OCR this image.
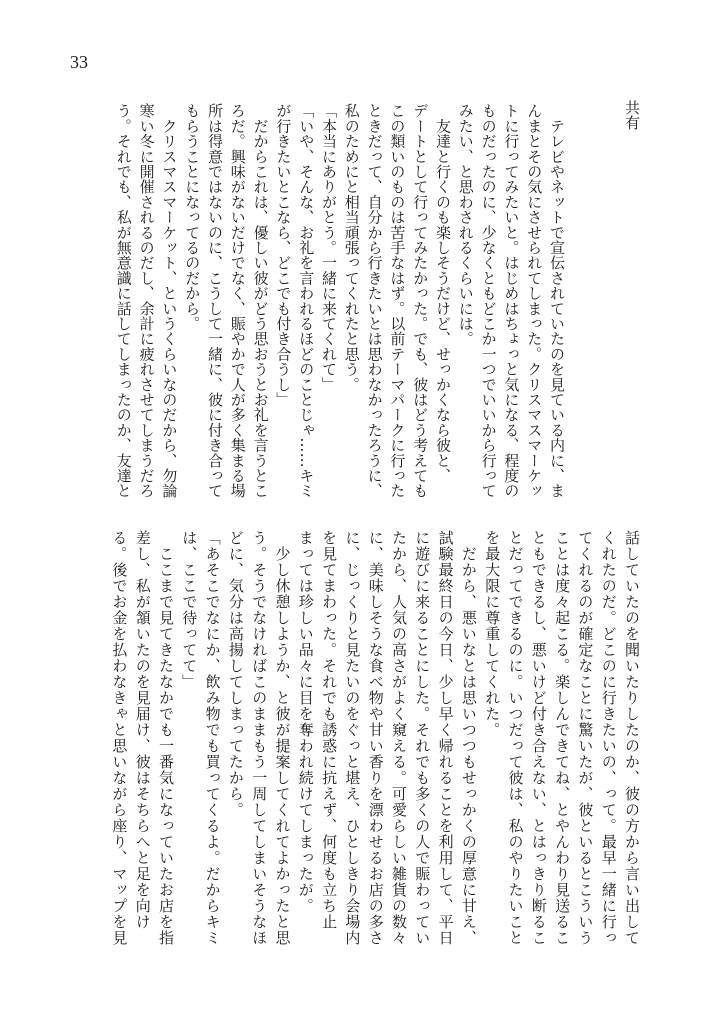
33
共有
　テレビやネットで宣伝されていたのを見ている内に、ま
んまとその気にさせられてしまった。クリスマスマーケッ
トに行ってみたいと。はじめはちょっと気になる、程度の
ものだったのに、少なくともどこか一つでいいから行って
みたい、と思わされるくらいには。
　友達と行くのも楽しそうだけど、せっかくなら彼と、
デートとして行ってみたかった。でも、彼はどう考えても
この類いのものは苦手なはず。以前テーマパークに行った
ときだって、自分から行きたいとは思わなかったろうに、
私のためにと相当頑張ってくれたと思う。
「本当にありがとう。一緒に来てくれて」
「いや、そんな、お礼を言われるほどのことじゃ……キミ
が行きたいとこなら、どこでも付き合うし」
　だからこれは、優しい彼がどう思おうとお礼を言うとこ
ろだ。興味がないだけでなく、賑やかで人が多く集まる場
所は得意ではないのに、こうして一緒に、彼に付き合って
もらうことになってるのだから。
　クリスマスマーケット、というくらいなのだから、勿論
寒い冬に開催されるのだし、余計に疲れさせてしまうだろ
う。それでも、私が無意識に話してしまったのか、友達と
話していたのを聞いたりしたのか、彼の方から言い出して
くれたのだ。どこのに行きたいの、って。最早一緒に行っ
てくれるのが確定なことに驚いたが、彼といるとこういう
ことは度々起こる。楽しんできてね、とやんわり見送るこ
ともできるし、悪いけど付き合えない、とはっきり断るこ
とだってできるのに。いつだって彼は、私のやりたいこと
を最大限に尊重してくれた。
　だから、悪いなとは思いつつもせっかくの厚意に甘え、
試験最終日の今日、少し早く帰れることを利用して、平日
に遊びに来ることにした。それでも多くの人で賑わってい
たから、人気の高さがよく窺える。可愛らしい雑貨の数々
に、美味しそうな食べ物や甘い香りを漂わせるお店の多さ
に、じっくりと見たいのをぐっと堪え、ひとしきり会場内
を見てまわった。それでも誘惑に抗えず、何度も立ち止
まっては珍しい品々に目を奪われ続けてしまったが。
　少し休憩しようか、と彼が提案してくれてよかったと思
う。そうでなければこのままもう一周してしまいそうなほ
どに、気分は高揚してしまってたから。
「あそこでなにか、飲み物でも買ってくるよ。だからキミ
は、ここで待ってて」
　ここまで見てきたなかでも一番気になっていたお店を指
差し、私が頷いたのを見届け、彼はそちらへと足を向け
る。後でお金を払わなきゃと思いながら座り、マップを見
